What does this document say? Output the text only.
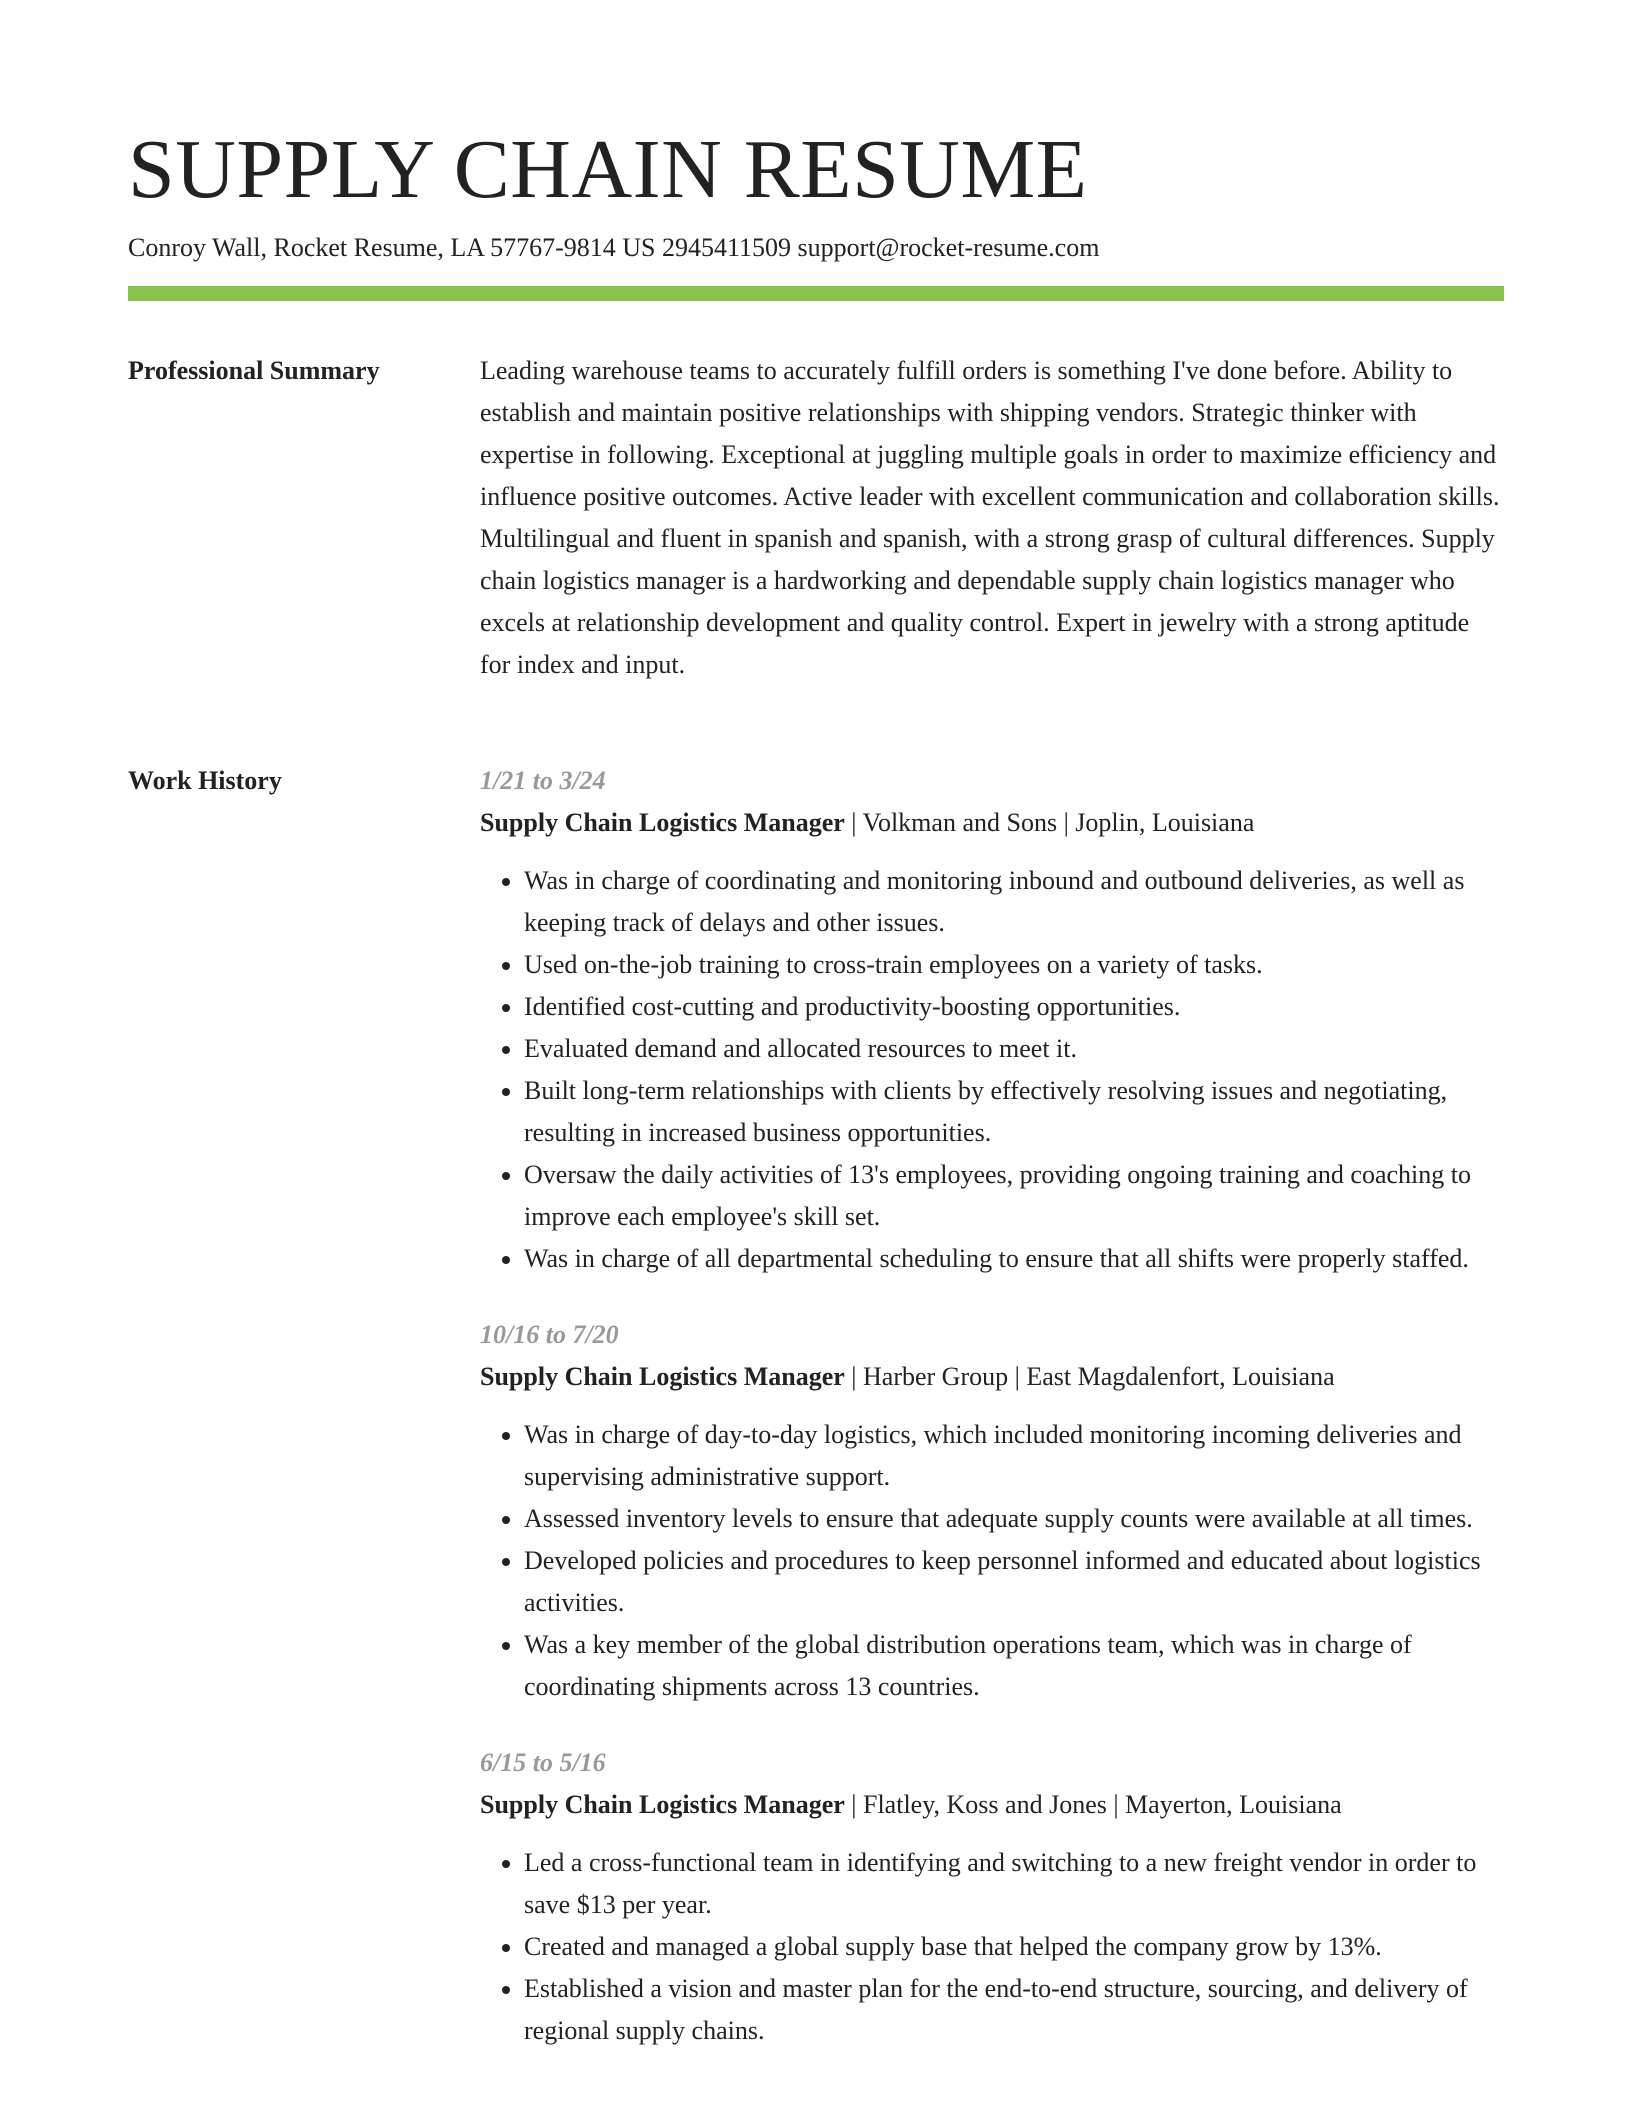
SUPPLY CHAIN RESUME
Conroy Wall, Rocket Resume, LA 57767-9814 US 2945411509 support@rocket-resume.com
Professional Summary	Leading warehouse teams to accurately fulfill orders is something I've done before. Ability to establish and maintain positive relationships with shipping vendors. Strategic thinker with expertise in following. Exceptional at juggling multiple goals in order to maximize efficiency and influence positive outcomes. Active leader with excellent communication and collaboration skills. Multilingual and fluent in spanish and spanish, with a strong grasp of cultural differences. Supply chain logistics manager is a hardworking and dependable supply chain logistics manager who excels at relationship development and quality control. Expert in jewelry with a strong aptitude for index and input.

Work History	1/21 to 3/24
Supply Chain Logistics Manager | Volkman and Sons | Joplin, Louisiana
• Was in charge of coordinating and monitoring inbound and outbound deliveries, as well as keeping track of delays and other issues.
• Used on-the-job training to cross-train employees on a variety of tasks.
• Identified cost-cutting and productivity-boosting opportunities.
• Evaluated demand and allocated resources to meet it.
• Built long-term relationships with clients by effectively resolving issues and negotiating, resulting in increased business opportunities.
• Oversaw the daily activities of 13's employees, providing ongoing training and coaching to improve each employee's skill set.
• Was in charge of all departmental scheduling to ensure that all shifts were properly staffed.
10/16 to 7/20
Supply Chain Logistics Manager | Harber Group | East Magdalenfort, Louisiana
• Was in charge of day-to-day logistics, which included monitoring incoming deliveries and supervising administrative support.
• Assessed inventory levels to ensure that adequate supply counts were available at all times.
• Developed policies and procedures to keep personnel informed and educated about logistics activities.
• Was a key member of the global distribution operations team, which was in charge of coordinating shipments across 13 countries.
6/15 to 5/16
Supply Chain Logistics Manager | Flatley, Koss and Jones | Mayerton, Louisiana
• Led a cross-functional team in identifying and switching to a new freight vendor in order to save $13 per year.
• Created and managed a global supply base that helped the company grow by 13%.
• Established a vision and master plan for the end-to-end structure, sourcing, and delivery of regional supply chains.
